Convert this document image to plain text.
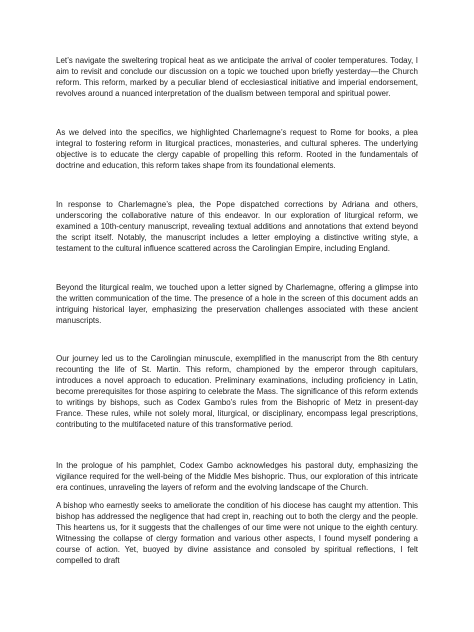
Let’s navigate the sweltering tropical heat as we anticipate the arrival of cooler temperatures. Today, I aim to revisit and conclude our discussion on a topic we touched upon briefly yesterday—the Church reform. This reform, marked by a peculiar blend of ecclesiastical initiative and imperial endorsement, revolves around a nuanced interpretation of the dualism between temporal and spiritual power.

As we delved into the specifics, we highlighted Charlemagne’s request to Rome for books, a plea integral to fostering reform in liturgical practices, monasteries, and cultural spheres. The underlying objective is to educate the clergy capable of propelling this reform. Rooted in the fundamentals of doctrine and education, this reform takes shape from its foundational elements.

In response to Charlemagne’s plea, the Pope dispatched corrections by Adriana and others, underscoring the collaborative nature of this endeavor. In our exploration of liturgical reform, we examined a 10th-century manuscript, revealing textual additions and annotations that extend beyond the script itself. Notably, the manuscript includes a letter employing a distinctive writing style, a testament to the cultural influence scattered across the Carolingian Empire, including England.

Beyond the liturgical realm, we touched upon a letter signed by Charlemagne, offering a glimpse into the written communication of the time. The presence of a hole in the screen of this document adds an intriguing historical layer, emphasizing the preservation challenges associated with these ancient manuscripts.

Our journey led us to the Carolingian minuscule, exemplified in the manuscript from the 8th century recounting the life of St. Martin. This reform, championed by the emperor through capitulars, introduces a novel approach to education. Preliminary examinations, including proficiency in Latin, become prerequisites for those aspiring to celebrate the Mass. The significance of this reform extends to writings by bishops, such as Codex Gambo’s rules from the Bishopric of Metz in present-day France. These rules, while not solely moral, liturgical, or disciplinary, encompass legal prescriptions, contributing to the multifaceted nature of this transformative period.

In the prologue of his pamphlet, Codex Gambo acknowledges his pastoral duty, emphasizing the vigilance required for the well-being of the Middle Mes bishopric. Thus, our exploration of this intricate era continues, unraveling the layers of reform and the evolving landscape of the Church.

A bishop who earnestly seeks to ameliorate the condition of his diocese has caught my attention. This bishop has addressed the negligence that had crept in, reaching out to both the clergy and the people. This heartens us, for it suggests that the challenges of our time were not unique to the eighth century. Witnessing the collapse of clergy formation and various other aspects, I found myself pondering a course of action. Yet, buoyed by divine assistance and consoled by spiritual reflections, I felt compelled to draft
